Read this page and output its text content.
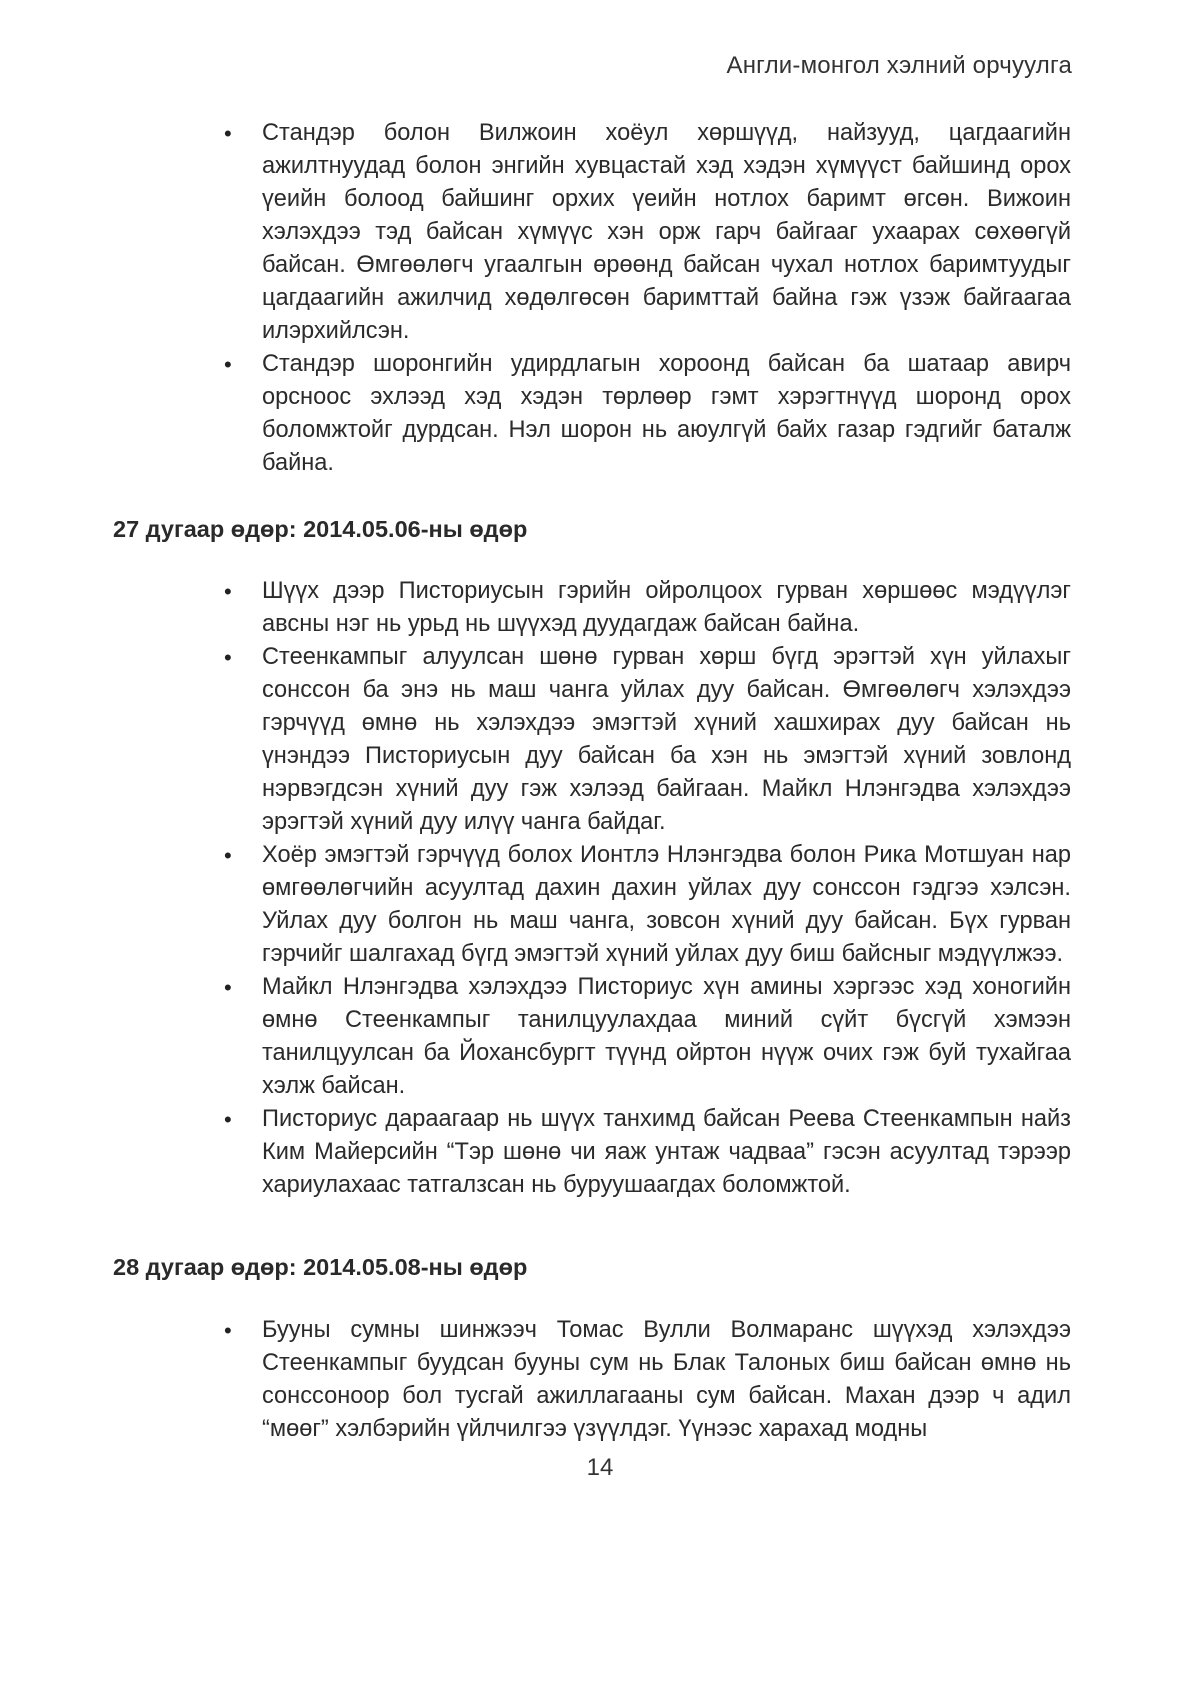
Англи-монгол хэлний орчуулга
• Стандэр болон Вилжоин хоёул хөршүүд, найзууд, цагдаагийн ажилтнуудад болон энгийн хувцастай хэд хэдэн хүмүүст байшинд орох үеийн болоод байшинг орхих үеийн нотлох баримт өгсөн. Вижоин хэлэхдээ тэд байсан хүмүүс хэн орж гарч байгааг ухаарах сөхөөгүй байсан. Өмгөөлөгч угаалгын өрөөнд байсан чухал нотлох баримтуудыг цагдаагийн ажилчид хөдөлгөсөн баримттай байна гэж үзэж байгаагаа илэрхийлсэн.
• Стандэр шоронгийн удирдлагын хороонд байсан ба шатаар авирч орсноос эхлээд хэд хэдэн төрлөөр гэмт хэрэгтнүүд шоронд орох боломжтойг дурдсан. Нэл шорон нь аюулгүй байх газар гэдгийг баталж байна.
27 дугаар өдөр: 2014.05.06-ны өдөр
• Шүүх дээр Писториусын гэрийн ойролцоох гурван хөршөөс мэдүүлэг авсны нэг нь урьд нь шүүхэд дуудагдаж байсан байна.
• Стеенкампыг алуулсан шөнө гурван хөрш бүгд эрэгтэй хүн уйлахыг сонссон ба энэ нь маш чанга уйлах дуу байсан. Өмгөөлөгч хэлэхдээ гэрчүүд өмнө нь хэлэхдээ эмэгтэй хүний хашхирах дуу байсан нь үнэндээ Писториусын дуу байсан ба хэн нь эмэгтэй хүний зовлонд нэрвэгдсэн хүний дуу гэж хэлээд байгаан. Майкл Нлэнгэдва хэлэхдээ эрэгтэй хүний дуу илүү чанга байдаг.
• Хоёр эмэгтэй гэрчүүд болох Ионтлэ Нлэнгэдва болон Рика Мотшуан нар өмгөөлөгчийн асуултад дахин дахин уйлах дуу сонссон гэдгээ хэлсэн. Уйлах дуу болгон нь маш чанга, зовсон хүний дуу байсан. Бүх гурван гэрчийг шалгахад бүгд эмэгтэй хүний уйлах дуу биш байсныг мэдүүлжээ.
• Майкл Нлэнгэдва хэлэхдээ Писториус хүн амины хэргээс хэд хоногийн өмнө Стеенкампыг танилцуулахдаа миний сүйт бүсгүй хэмээн танилцуулсан ба Йоханcбургт түүнд ойртон нүүж очих гэж буй тухайгаа хэлж байсан.
• Писториус дараагаар нь шүүх танхимд байсан Реева Стеенкампын найз Ким Майерсийн “Тэр шөнө чи яаж унтаж чадваа” гэсэн асуултад тэрээр хариулахаас татгалзсан нь буруушаагдах боломжтой.
28 дугаар өдөр: 2014.05.08-ны өдөр
• Бууны сумны шинжээч Томас Вулли Волмаранс шүүхэд хэлэхдээ Стеенкампыг буудсан бууны сум нь Блак Талоных биш байсан өмнө нь сонссоноор бол тусгай ажиллагааны сум байсан. Махан дээр ч адил “мөөг” хэлбэрийн үйлчилгээ үзүүлдэг. Үүнээс харахад модны
14
